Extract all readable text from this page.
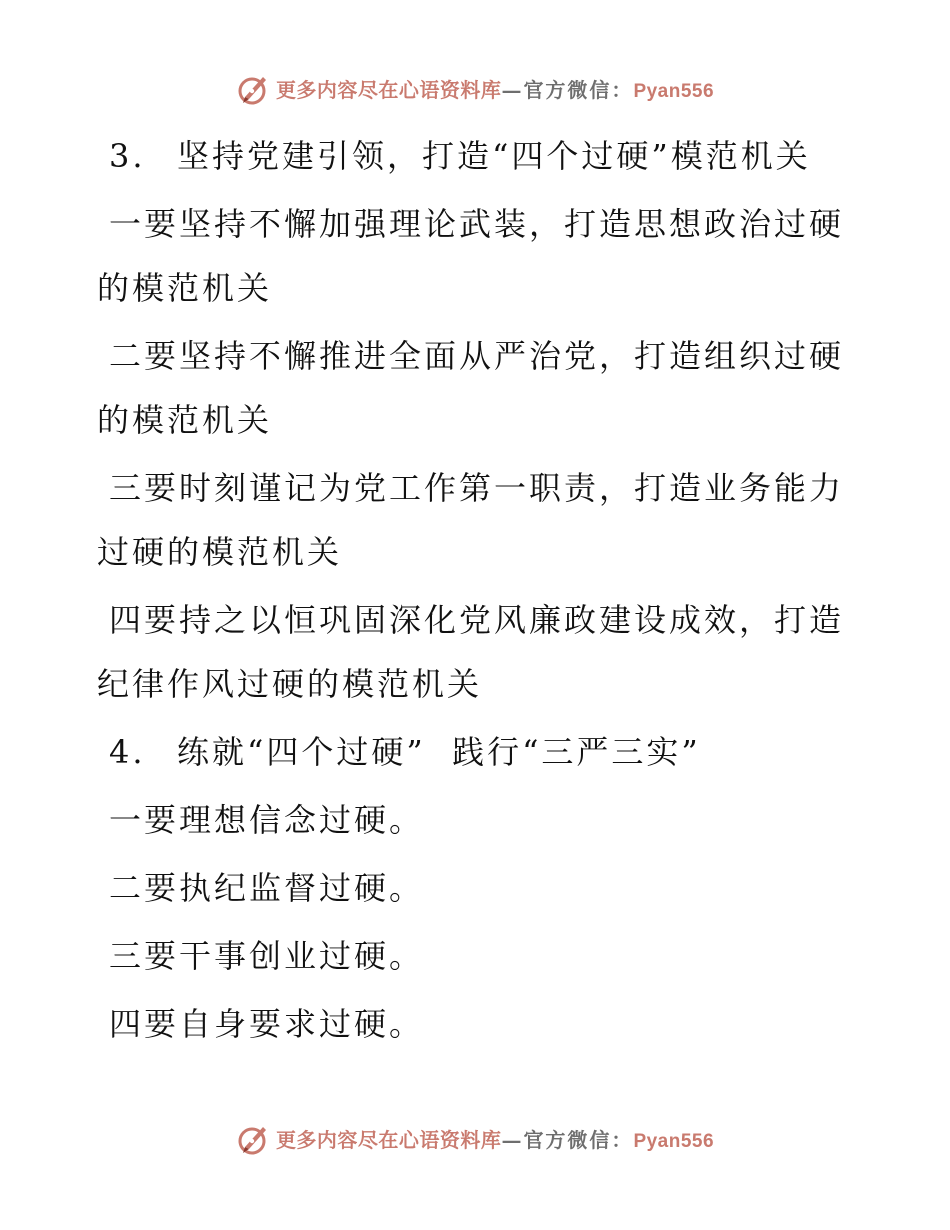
更多内容尽在心语资料库 — 官方微信： Pyan556
3. 坚持党建引领，打造“四个过硬”模范机关
一要坚持不懈加强理论武装，打造思想政治过硬
的模范机关
二要坚持不懈推进全面从严治党，打造组织过硬
的模范机关
三要时刻谨记为党工作第一职责，打造业务能力
过硬的模范机关
四要持之以恒巩固深化党风廉政建设成效，打造
纪律作风过硬的模范机关
4. 练就“四个过硬”  践行“三严三实”
一要理想信念过硬。
二要执纪监督过硬。
三要干事创业过硬。
四要自身要求过硬。
更多内容尽在心语资料库 — 官方微信： Pyan556
